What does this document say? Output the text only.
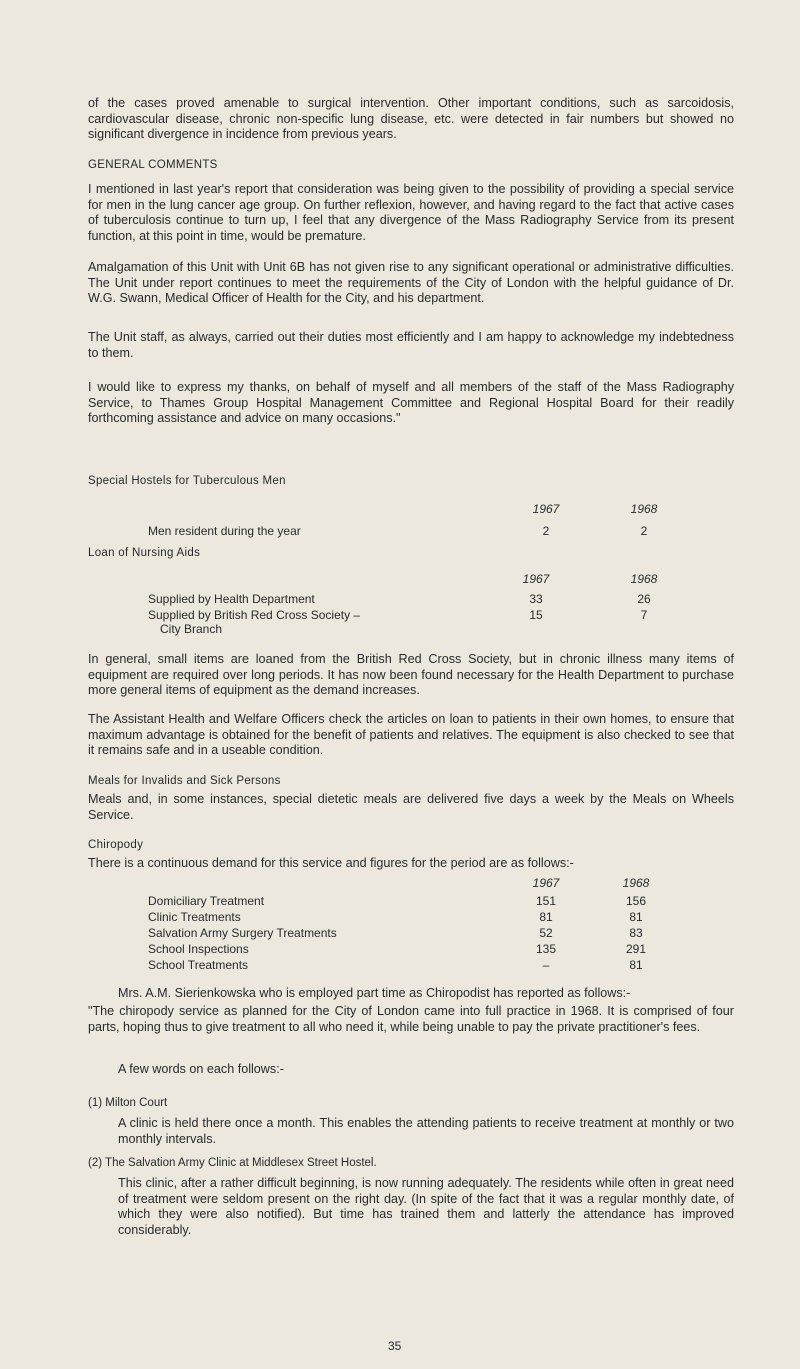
of the cases proved amenable to surgical intervention. Other important conditions, such as sarcoidosis, cardiovascular disease, chronic non-specific lung disease, etc. were detected in fair numbers but showed no significant divergence in incidence from previous years.

GENERAL COMMENTS

I mentioned in last year's report that consideration was being given to the possibility of providing a special service for men in the lung cancer age group. On further reflexion, however, and having regard to the fact that active cases of tuberculosis continue to turn up, I feel that any divergence of the Mass Radiography Service from its present function, at this point in time, would be premature.

Amalgamation of this Unit with Unit 6B has not given rise to any significant operational or administrative difficulties. The Unit under report continues to meet the requirements of the City of London with the helpful guidance of Dr. W.G. Swann, Medical Officer of Health for the City, and his department.

The Unit staff, as always, carried out their duties most efficiently and I am happy to acknowledge my indebtedness to them.

I would like to express my thanks, on behalf of myself and all members of the staff of the Mass Radiography Service, to Thames Group Hospital Management Committee and Regional Hospital Board for their readily forthcoming assistance and advice on many occasions."

Special Hostels for Tuberculous Men

1967	1968
Men resident during the year	2	2

Loan of Nursing Aids

1967	1968
Supplied by Health Department	33	26
Supplied by British Red Cross Society –	15	7
City Branch

In general, small items are loaned from the British Red Cross Society, but in chronic illness many items of equipment are required over long periods. It has now been found necessary for the Health Department to purchase more general items of equipment as the demand increases.

The Assistant Health and Welfare Officers check the articles on loan to patients in their own homes, to ensure that maximum advantage is obtained for the benefit of patients and relatives. The equipment is also checked to see that it remains safe and in a useable condition.

Meals for Invalids and Sick Persons

Meals and, in some instances, special dietetic meals are delivered five days a week by the Meals on Wheels Service.

Chiropody

There is a continuous demand for this service and figures for the period are as follows:-

1967	1968
Domiciliary Treatment	151	156
Clinic Treatments	81	81
Salvation Army Surgery Treatments	52	83
School Inspections	135	291
School Treatments	–	81

Mrs. A.M. Sierienkowska who is employed part time as Chiropodist has reported as follows:-

"The chiropody service as planned for the City of London came into full practice in 1968. It is comprised of four parts, hoping thus to give treatment to all who need it, while being unable to pay the private practitioner's fees.

A few words on each follows:-

(1) Milton Court

A clinic is held there once a month. This enables the attending patients to receive treatment at monthly or two monthly intervals.

(2) The Salvation Army Clinic at Middlesex Street Hostel.

This clinic, after a rather difficult beginning, is now running adequately. The residents while often in great need of treatment were seldom present on the right day. (In spite of the fact that it was a regular monthly date, of which they were also notified). But time has trained them and latterly the attendance has improved considerably.

35
